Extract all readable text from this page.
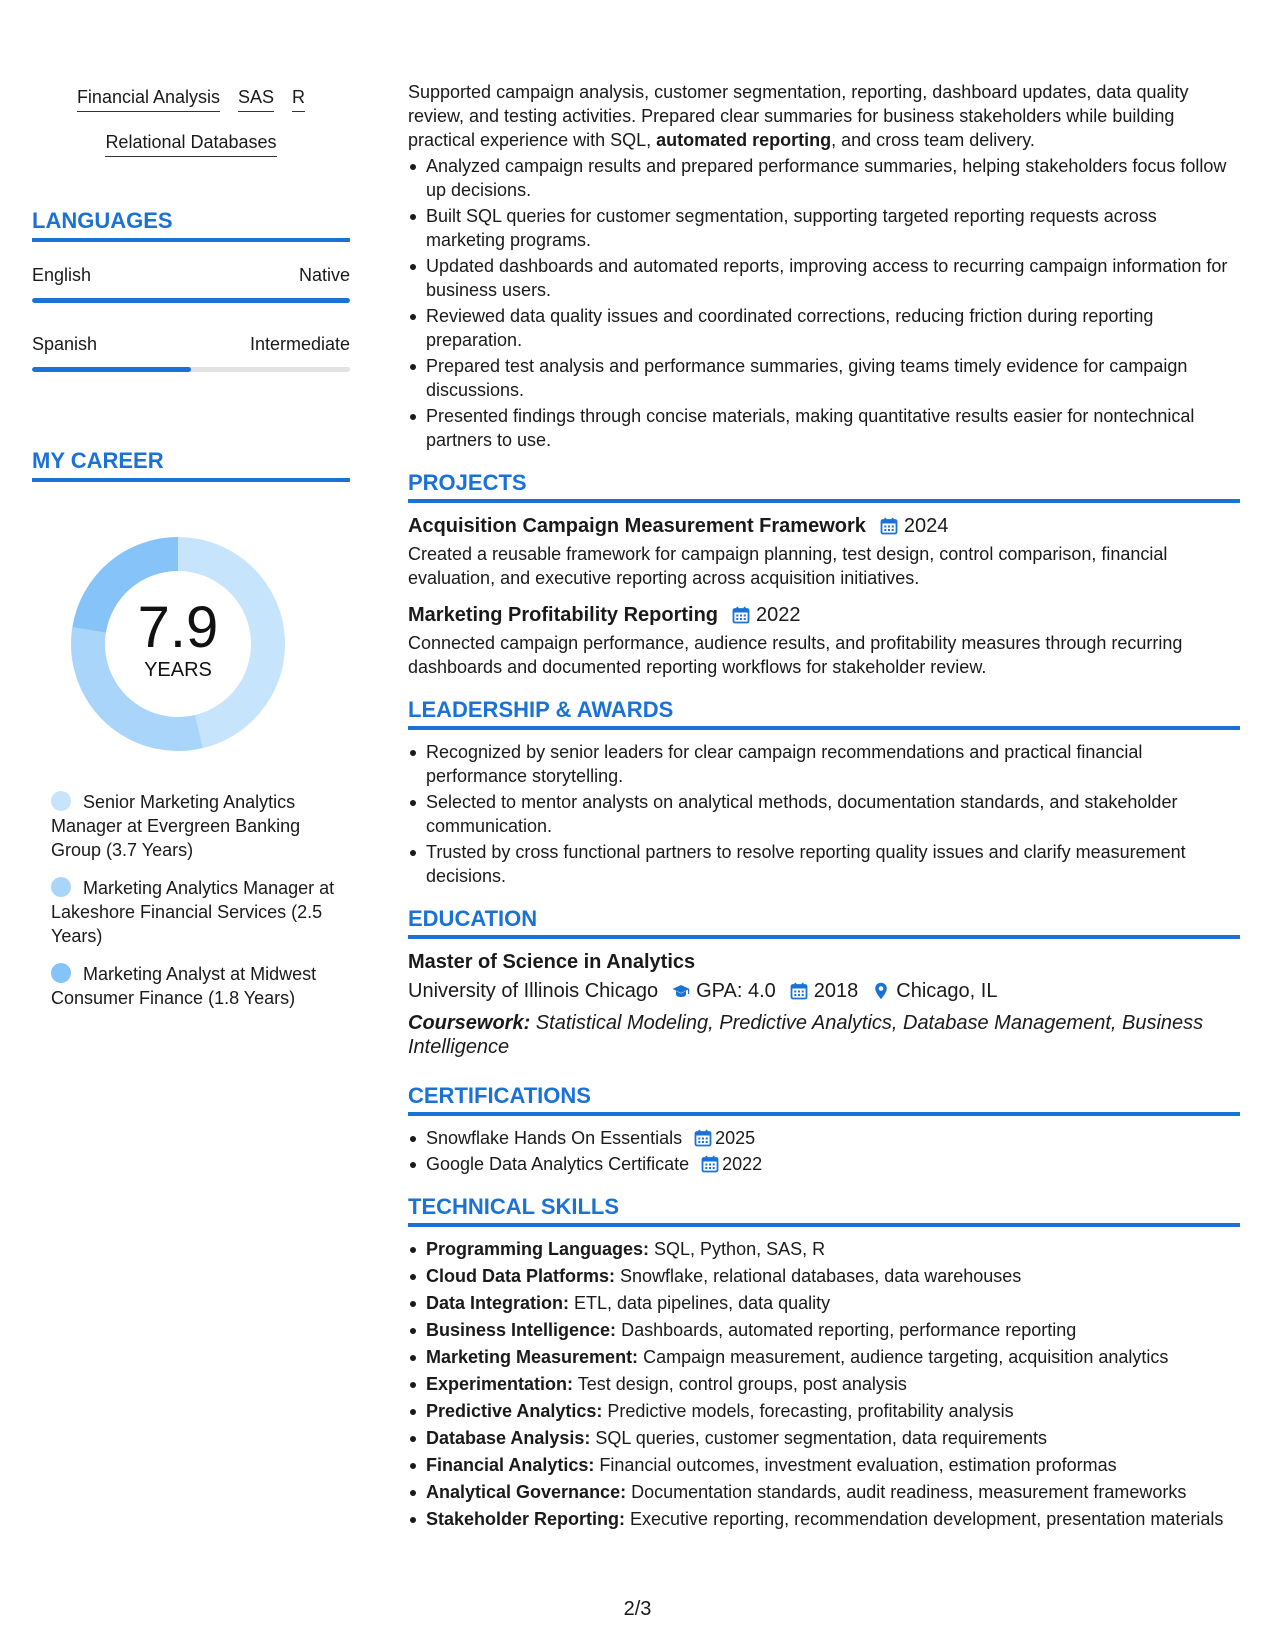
Financial Analysis SAS R
Relational Databases
LANGUAGES
English	Native
Spanish	Intermediate
MY CAREER
7.9
YEARS
Senior Marketing Analytics Manager at Evergreen Banking Group (3.7 Years)
Marketing Analytics Manager at Lakeshore Financial Services (2.5 Years)
Marketing Analyst at Midwest Consumer Finance (1.8 Years)

Supported campaign analysis, customer segmentation, reporting, dashboard updates, data quality review, and testing activities. Prepared clear summaries for business stakeholders while building practical experience with SQL, automated reporting, and cross team delivery.

Analyzed campaign results and prepared performance summaries, helping stakeholders focus follow up decisions.
Built SQL queries for customer segmentation, supporting targeted reporting requests across marketing programs.
Updated dashboards and automated reports, improving access to recurring campaign information for business users.
Reviewed data quality issues and coordinated corrections, reducing friction during reporting preparation.
Prepared test analysis and performance summaries, giving teams timely evidence for campaign discussions.
Presented findings through concise materials, making quantitative results easier for nontechnical partners to use.
PROJECTS
Acquisition Campaign Measurement Framework 2024

Created a reusable framework for campaign planning, test design, control comparison, financial evaluation, and executive reporting across acquisition initiatives.

Marketing Profitability Reporting 2022

Connected campaign performance, audience results, and profitability measures through recurring dashboards and documented reporting workflows for stakeholder review.

LEADERSHIP & AWARDS
Recognized by senior leaders for clear campaign recommendations and practical financial performance storytelling.
Selected to mentor analysts on analytical methods, documentation standards, and stakeholder communication.
Trusted by cross functional partners to resolve reporting quality issues and clarify measurement decisions.
EDUCATION
Master of Science in Analytics
University of Illinois Chicago GPA: 4.0 2018 Chicago, IL

Coursework: Statistical Modeling, Predictive Analytics, Database Management, Business Intelligence

CERTIFICATIONS
Snowflake Hands On Essentials 2025
Google Data Analytics Certificate 2022
TECHNICAL SKILLS
Programming Languages: SQL, Python, SAS, R
Cloud Data Platforms: Snowflake, relational databases, data warehouses
Data Integration: ETL, data pipelines, data quality
Business Intelligence: Dashboards, automated reporting, performance reporting
Marketing Measurement: Campaign measurement, audience targeting, acquisition analytics
Experimentation: Test design, control groups, post analysis
Predictive Analytics: Predictive models, forecasting, profitability analysis
Database Analysis: SQL queries, customer segmentation, data requirements
Financial Analytics: Financial outcomes, investment evaluation, estimation proformas
Analytical Governance: Documentation standards, audit readiness, measurement frameworks
Stakeholder Reporting: Executive reporting, recommendation development, presentation materials
2/3
